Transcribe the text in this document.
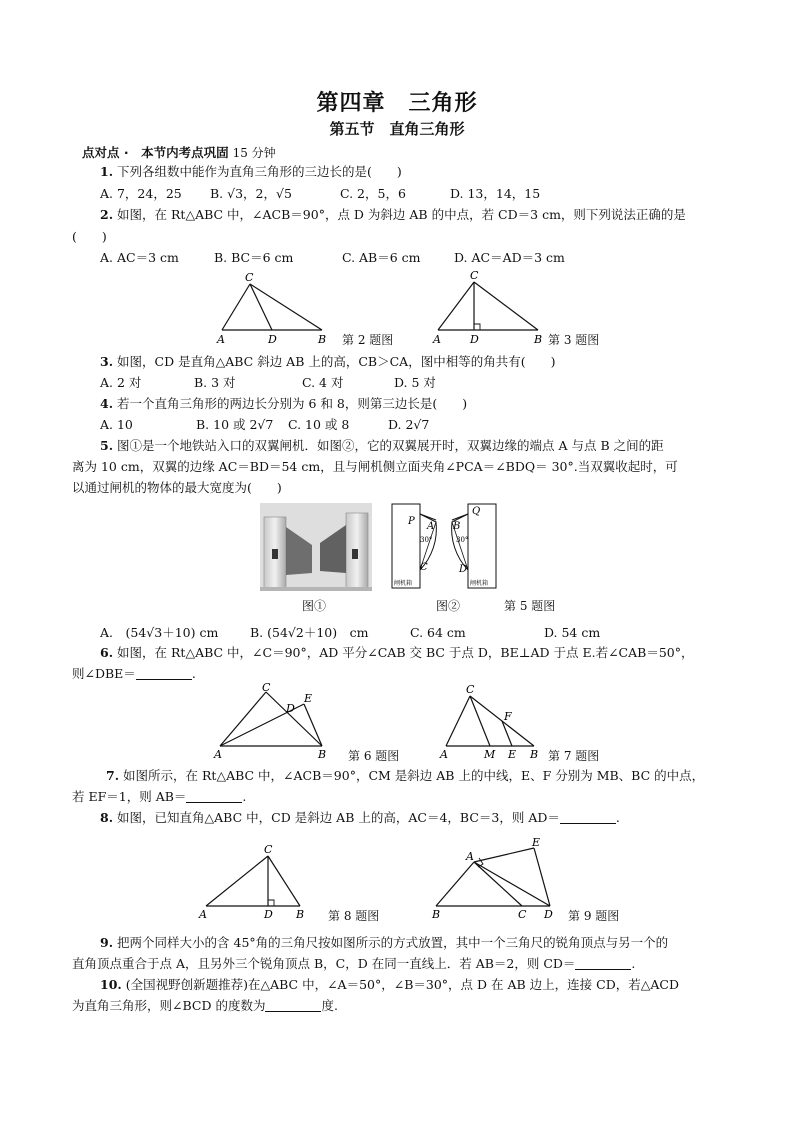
第四章　三角形
第五节　直角三角形
点对点 ·　本节内考点巩固 15 分钟
1. 下列各组数中能作为直角三角形的三边长的是(　　)
A. 7，24，25 B. √3，2，√5	C. 2，5，6	D. 13，14，15
2. 如图，在 Rt△ABC 中，∠ACB＝90°，点 D 为斜边 AB 的中点，若 CD＝3 cm，则下列说法正确的是
(　　)
A. AC＝3 cm	B. BC＝6 cm	C. AB＝6 cm	D. AC＝AD＝3 cm
C
A	D	B 第 2 题图
C
A	D	B 第 3 题图
3. 如图，CD 是直角△ABC 斜边 AB 上的高，CB＞CA，图中相等的角共有(　　)
A. 2 对	B. 3 对	C. 4 对	D. 5 对
4. 若一个直角三角形的两边长分别为 6 和 8，则第三边长是(　　)
A. 10	B. 10 或 2√7 C. 10 或 8	D. 2√7
5. 图①是一个地铁站入口的双翼闸机．如图②，它的双翼展开时，双翼边缘的端点 A 与点 B 之间的距
离为 10 cm，双翼的边缘 AC＝BD＝54 cm，且与闸机侧立面夹角∠PCA＝∠BDQ＝ 30°.当双翼收起时，可
以通过闸机的物体的最大宽度为(　　)
图①
P A
30°
C
B
Q
30°
D
闸机箱	闸机箱
图②	第 5 题图
A.　(54√3＋10) cm	B. (54√2＋10)　cm	C. 64 cm	D. 54 cm
6. 如图，在 Rt△ABC 中，∠C＝90°，AD 平分∠CAB 交 BC 于点 D，BE⊥AD 于点 E.若∠CAB＝50°，
则∠DBE＝	.
C
D
E
A	B 第 6 题图
C
F
A	M E B 第 7 题图
7. 如图所示，在 Rt△ABC 中，∠ACB＝90°，CM 是斜边 AB 上的中线，E、F 分别为 MB、BC 的中点，
若 EF＝1，则 AB＝	.
8. 如图，已知直角△ABC 中，CD 是斜边 AB 上的高，AC＝4，BC＝3，则 AD＝	.
C
A	D B 第 8 题图
A
E
B	C D 第 9 题图
9. 把两个同样大小的含 45°角的三角尺按如图所示的方式放置，其中一个三角尺的锐角顶点与另一个的
直角顶点重合于点 A，且另外三个锐角顶点 B，C，D 在同一直线上．若 AB＝2，则 CD＝	.
10. (全国视野创新题推荐)在△ABC 中，∠A＝50°，∠B＝30°，点 D 在 AB 边上，连接 CD，若△ACD
为直角三角形，则∠BCD 的度数为	度.
